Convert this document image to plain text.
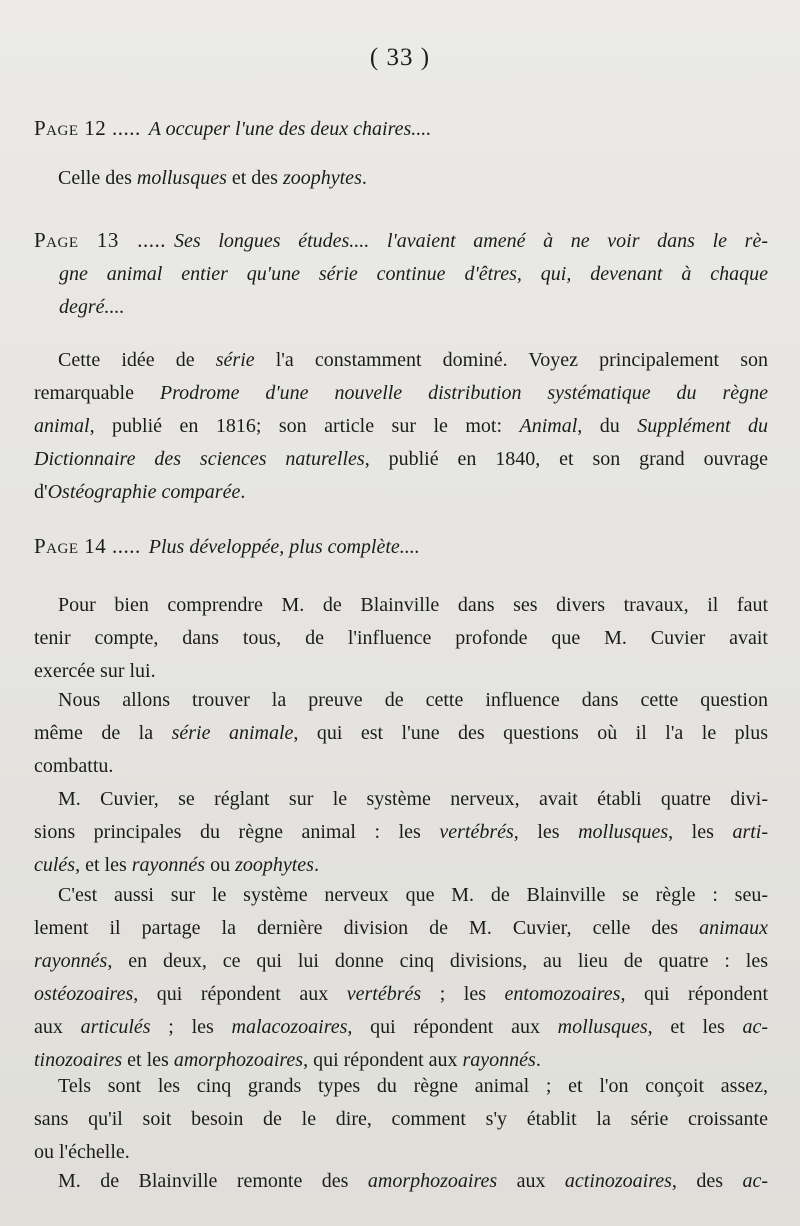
( 33 )
Page 12 ..... A occuper l'une des deux chaires....
Celle des mollusques et des zoophytes.
Page 13 ..... Ses longues études.... l'avaient amené à ne voir dans le rè-
gne animal entier qu'une série continue d'êtres, qui, devenant à chaque
degré....
Cette idée de série l'a constamment dominé. Voyez principalement son
remarquable Prodrome d'une nouvelle distribution systématique du règne
animal, publié en 1816; son article sur le mot: Animal, du Supplément du
Dictionnaire des sciences naturelles, publié en 1840, et son grand ouvrage
d'Ostéographie comparée.
Page 14 ..... Plus développée, plus complète....
Pour bien comprendre M. de Blainville dans ses divers travaux, il faut
tenir compte, dans tous, de l'influence profonde que M. Cuvier avait
exercée sur lui.
Nous allons trouver la preuve de cette influence dans cette question
même de la série animale, qui est l'une des questions où il l'a le plus
combattu.
M. Cuvier, se réglant sur le système nerveux, avait établi quatre divi-
sions principales du règne animal : les vertébrés, les mollusques, les arti-
culés, et les rayonnés ou zoophytes.
C'est aussi sur le système nerveux que M. de Blainville se règle : seu-
lement il partage la dernière division de M. Cuvier, celle des animaux
rayonnés, en deux, ce qui lui donne cinq divisions, au lieu de quatre : les
ostéozoaires, qui répondent aux vertébrés ; les entomozoaires, qui répondent
aux articulés ; les malacozoaires, qui répondent aux mollusques, et les ac-
tinozoaires et les amorphozoaires, qui répondent aux rayonnés.
Tels sont les cinq grands types du règne animal ; et l'on conçoit assez,
sans qu'il soit besoin de le dire, comment s'y établit la série croissante
ou l'échelle.
M. de Blainville remonte des amorphozoaires aux actinozoaires, des ac-
